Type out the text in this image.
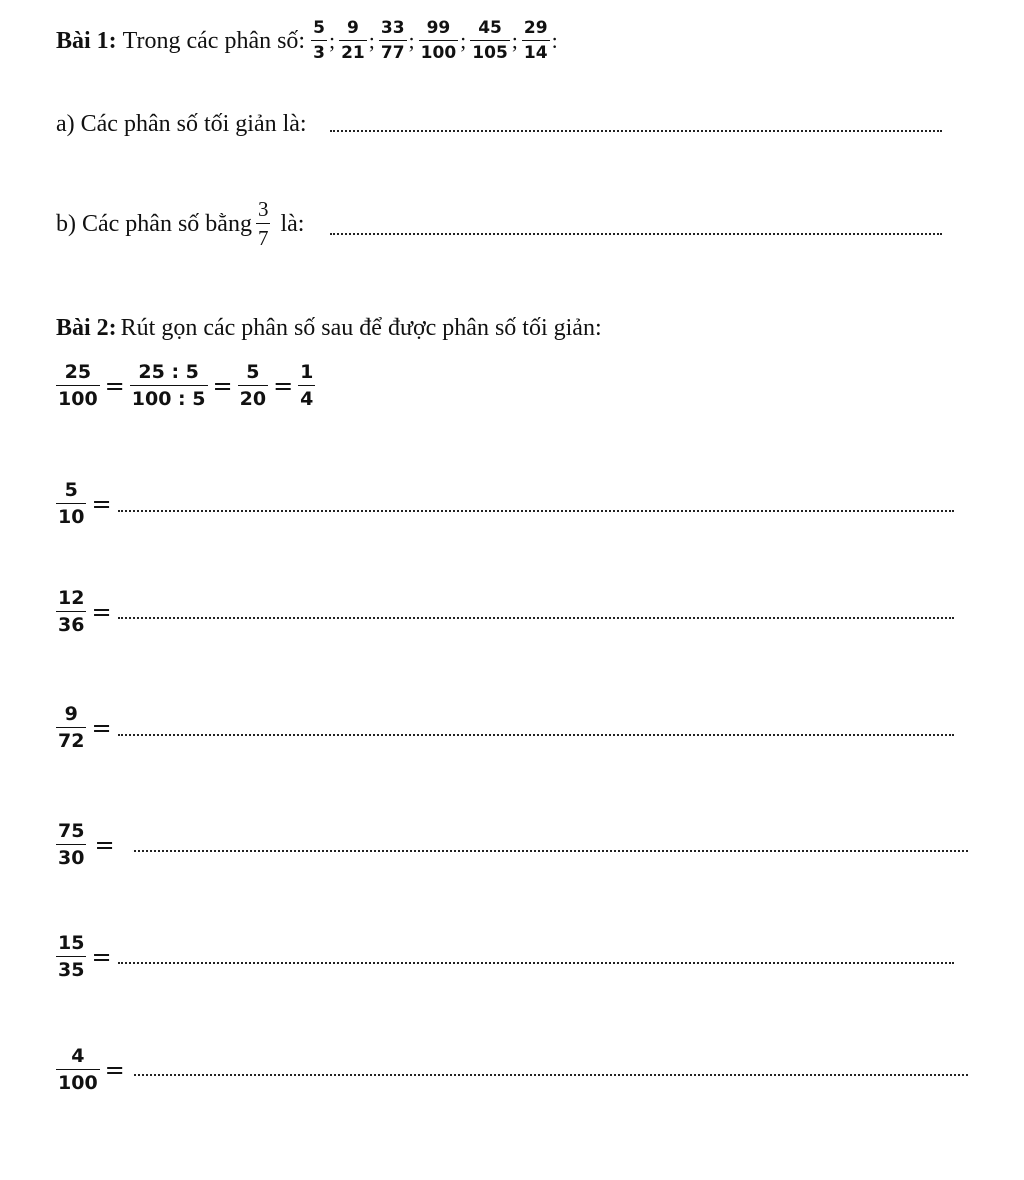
Bài 1: Trong các phân số: $\frac{5}{3}$ ; $\frac{9}{21}$ ; $\frac{33}{77}$ ; $\frac{99}{100}$ ; $\frac{45}{105}$ ; $\frac{29}{14}$ :
a) Các phân số tối giản là:
b) Các phân số bằng $\frac{3}{7}$ là:
Bài 2: Rút gọn các phân số sau để được phân số tối giản:
$\frac{25}{100} = \frac{25 : 5}{100 : 5} = \frac{5}{20} = \frac{1}{4}$
$\frac{5}{10}$ =
$\frac{12}{36}$ =
$\frac{9}{72}$ =
$\frac{75}{30}$ =
$\frac{15}{35}$ =
$\frac{4}{100}$ =
